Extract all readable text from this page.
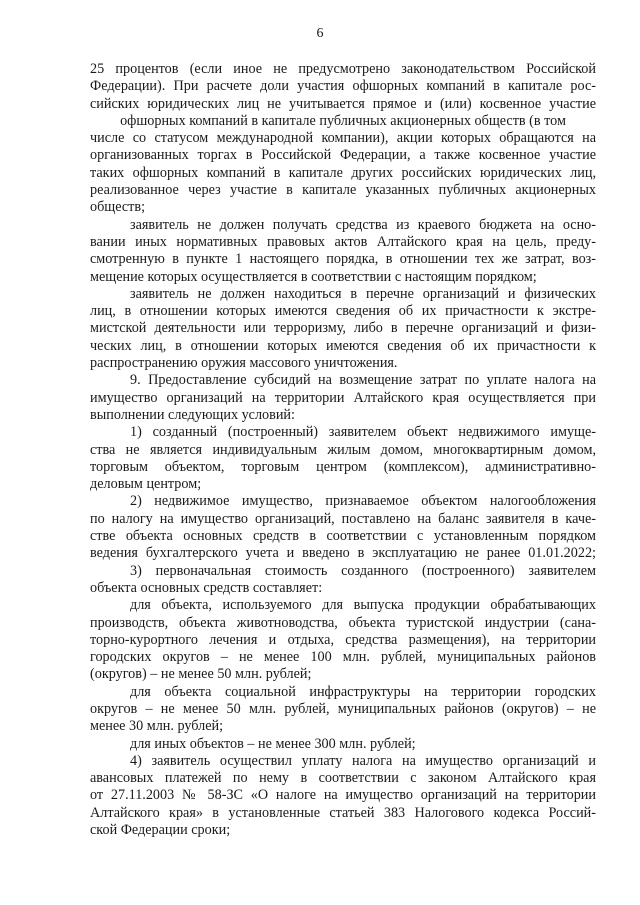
6
25 процентов (если иное не предусмотрено законодательством Российской
Федерации). При расчете доли участия офшорных компаний в капитале рос-
сийских юридических лиц не учитывается прямое и (или) косвенное участие
офшорных компаний в капитале публичных акционерных обществ (в том
числе со статусом международной компании), акции которых обращаются на
организованных торгах в Российской Федерации, а также косвенное участие
таких офшорных компаний в капитале других российских юридических лиц,
реализованное через участие в капитале указанных публичных акционерных
обществ;
заявитель не должен получать средства из краевого бюджета на осно-
вании иных нормативных правовых актов Алтайского края на цель, преду-
смотренную в пункте 1 настоящего порядка, в отношении тех же затрат, воз-
мещение которых осуществляется в соответствии с настоящим порядком;
заявитель не должен находиться в перечне организаций и физических
лиц, в отношении которых имеются сведения об их причастности к экстре-
мистской деятельности или терроризму, либо в перечне организаций и физи-
ческих лиц, в отношении которых имеются сведения об их причастности к
распространению оружия массового уничтожения.
9. Предоставление субсидий на возмещение затрат по уплате налога на
имущество организаций на территории Алтайского края осуществляется при
выполнении следующих условий:
1) созданный (построенный) заявителем объект недвижимого имуще-
ства не является индивидуальным жилым домом, многоквартирным домом,
торговым объектом, торговым центром (комплексом), административно-
деловым центром;
2) недвижимое имущество, признаваемое объектом налогообложения
по налогу на имущество организаций, поставлено на баланс заявителя в каче-
стве объекта основных средств в соответствии с установленным порядком
ведения бухгалтерского учета и введено в эксплуатацию не ранее 01.01.2022;
3) первоначальная стоимость созданного (построенного) заявителем
объекта основных средств составляет:
для объекта, используемого для выпуска продукции обрабатывающих
производств, объекта животноводства, объекта туристской индустрии (сана-
торно-курортного лечения и отдыха, средства размещения), на территории
городских округов – не менее 100 млн. рублей, муниципальных районов
(округов) – не менее 50 млн. рублей;
для объекта социальной инфраструктуры на территории городских
округов – не менее 50 млн. рублей, муниципальных районов (округов) – не
менее 30 млн. рублей;
для иных объектов – не менее 300 млн. рублей;
4) заявитель осуществил уплату налога на имущество организаций и
авансовых платежей по нему в соответствии с законом Алтайского края
от 27.11.2003 № 58-ЗС «О налоге на имущество организаций на территории
Алтайского края» в установленные статьей 383 Налогового кодекса Россий-
ской Федерации сроки;
